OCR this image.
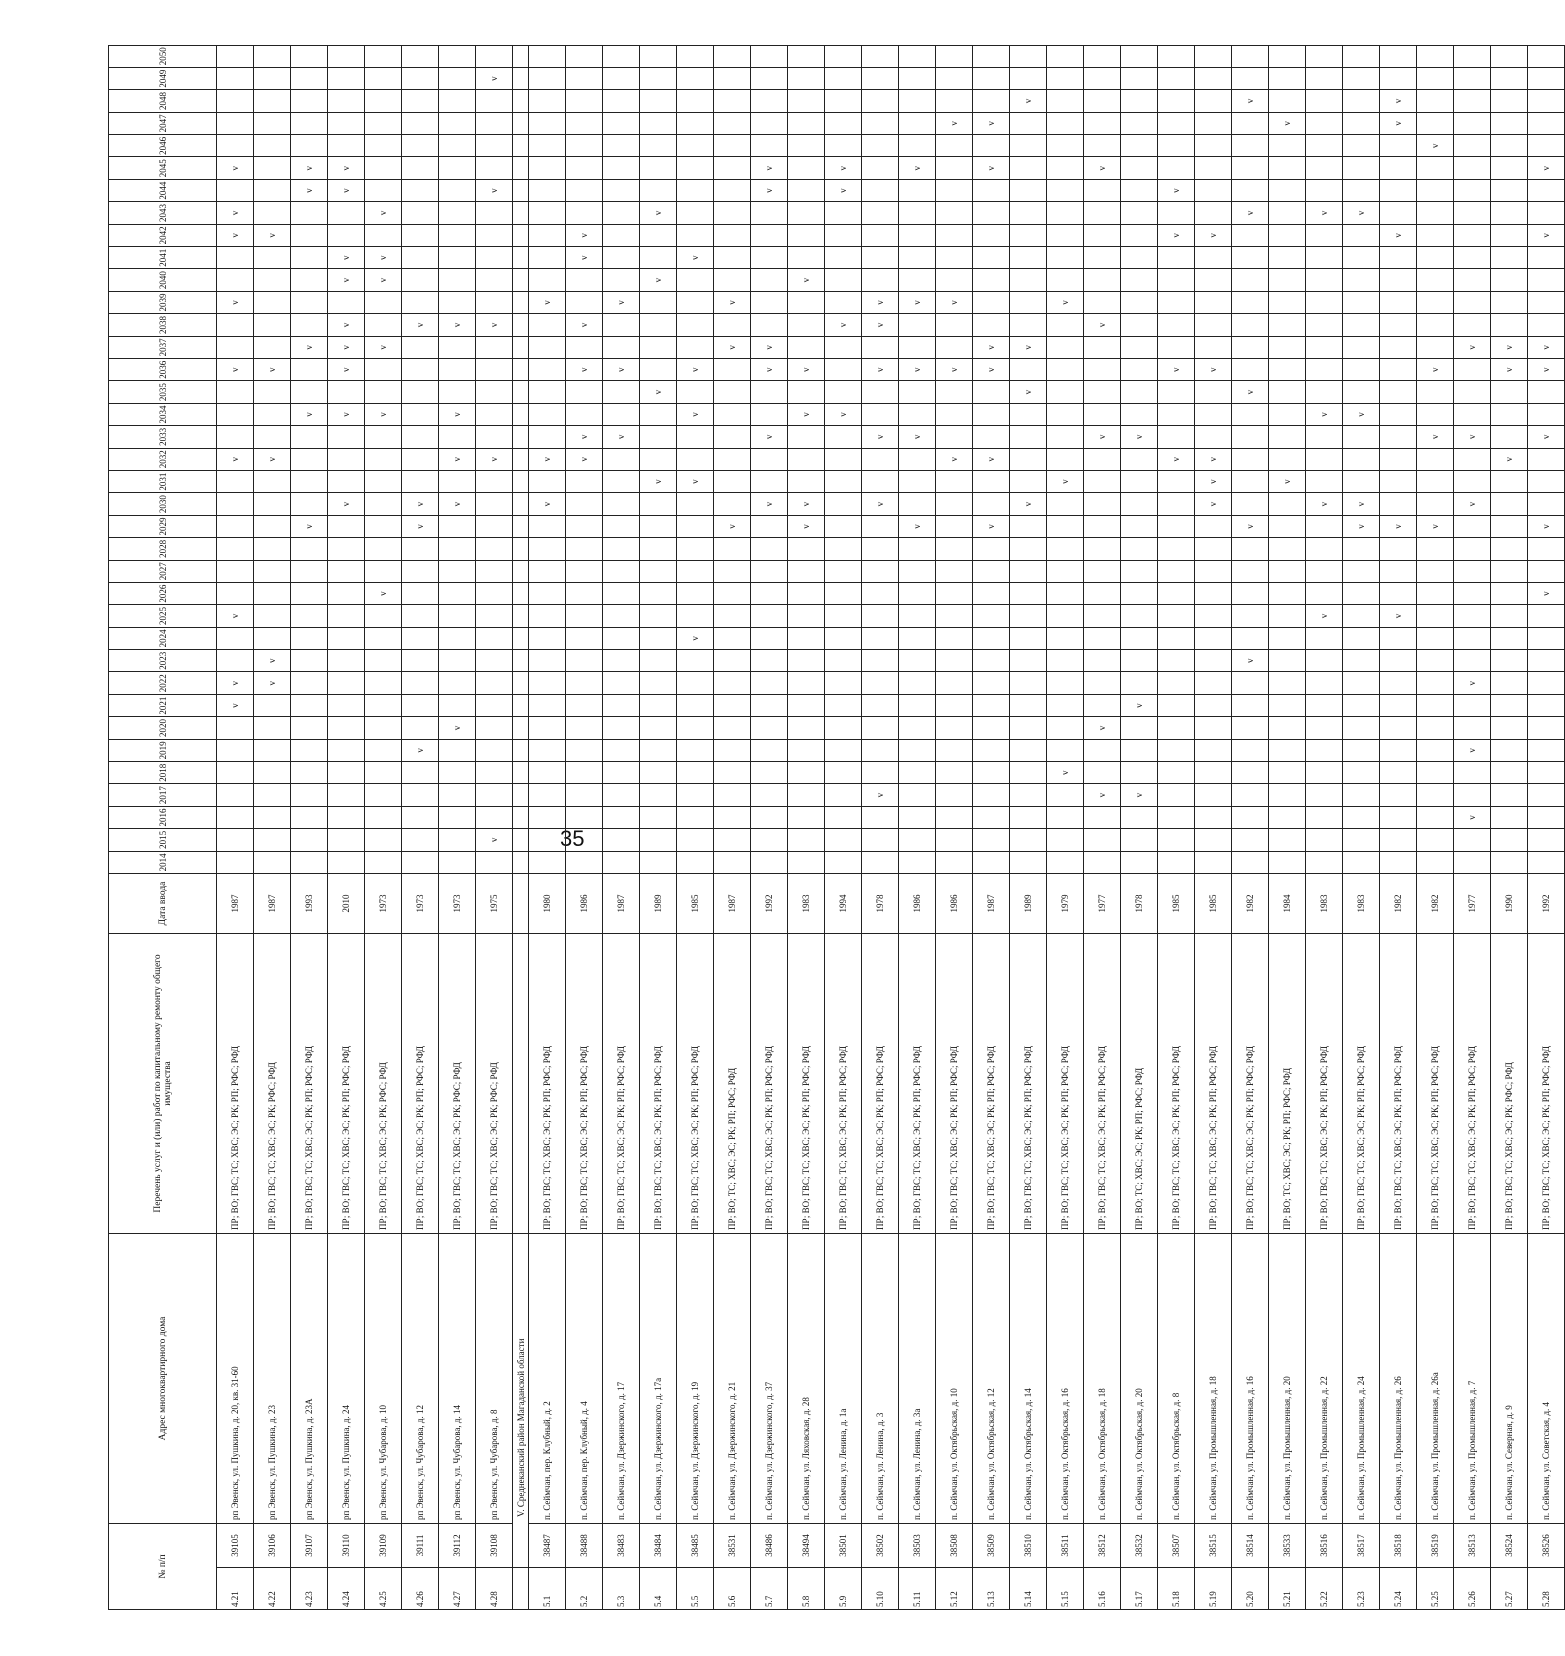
35
№ п/п		Адрес многоквартирного дома	Перечень услуг и (или) работ по капитальному ремонту общего имущества	Дата ввода	2014	2015	2016	2017	2018	2019	2020	2021	2022	2023	2024	2025	2026	2027	2028	2029	2030	2031	2032	2033	2034	2035	2036	2037	2038	2039	2040	2041	2042	2043	2044	2045	2046	2047	2048	2049	2050
4.21	39105	рп Эвенск, ул. Пушкина, д. 20, кв. 31-60	ПР; ВО; ГВС; ТС; ХВС; ЭС; РК; РП; РФС; РФД	1987								v	v			v							v				v			v			v	v		v					
4.22	39106	рп Эвенск, ул. Пушкина, д. 23	ПР; ВО; ГВС; ТС; ХВС; ЭС; РК; РФС; РФД	1987									v	v									v				v						v								
4.23	39107	рп Эвенск, ул. Пушкина, д. 23А	ПР; ВО; ГВС; ТС; ХВС; ЭС; РК; РП; РФС; РФД	1993																v					v			v							v	v					
4.24	39110	рп Эвенск, ул. Пушкина, д. 24	ПР; ВО; ГВС; ТС; ХВС; ЭС; РК; РП; РФС; РФД	2010																	v				v		v	v	v		v	v			v	v					
4.25	39109	рп Эвенск, ул. Чубарова, д. 10	ПР; ВО; ГВС; ТС; ХВС; ЭС; РК; РФС; РФД	1973													v								v			v			v	v		v							
4.26	39111	рп Эвенск, ул. Чубарова, д. 12	ПР; ВО; ГВС; ТС; ХВС; ЭС; РК; РП; РФС; РФД	1973						v										v	v								v												
4.27	39112	рп Эвенск, ул. Чубарова, д. 14	ПР; ВО; ГВС; ТС; ХВС; ЭС; РК; РФС; РФД	1973							v										v		v		v				v												
4.28	39108	рп Эвенск, ул. Чубарова, д. 8	ПР; ВО; ГВС; ТС; ХВС; ЭС; РК; РФС; РФД	1975		v																	v						v						v					v	
	V. Среднеканский район Магаданской области																																								
5.1	38487	п. Сеймчан, пер. Клубный, д. 2	ПР; ВО; ГВС; ТС; ХВС; ЭС; РК; РП; РФС; РФД	1980																	v		v							v											
5.2	38488	п. Сеймчан, пер. Клубный, д. 4	ПР; ВО; ГВС; ТС; ХВС; ЭС; РК; РП; РФС; РФД	1986																			v	v			v		v			v	v								
5.3	38483	п. Сеймчан, ул. Дзержинского, д. 17	ПР; ВО; ГВС; ТС; ХВС; ЭС; РК; РП; РФС; РФД	1987																				v			v			v											
5.4	38484	п. Сеймчан, ул. Дзержинского, д. 17а	ПР; ВО; ГВС; ТС; ХВС; ЭС; РК; РП; РФС; РФД	1989																		v				v					v			v							
5.5	38485	п. Сеймчан, ул. Дзержинского, д. 19	ПР; ВО; ГВС; ТС; ХВС; ЭС; РК; РП; РФС; РФД	1985											v							v			v		v					v									
5.6	38531	п. Сеймчан, ул. Дзержинского, д. 21	ПР; ВО; ТС; ХВС; ЭС; РК; РП; РФС; РФД	1987																v								v		v											
5.7	38486	п. Сеймчан, ул. Дзержинского, д. 37	ПР; ВО; ГВС; ТС; ХВС; ЭС; РК; РП; РФС; РФД	1992																	v			v			v	v							v	v					
5.8	38494	п. Сеймчан, ул. Ляховская, д. 28	ПР; ВО; ГВС; ТС; ХВС; ЭС; РК; РП; РФС; РФД	1983																v	v				v		v				v										
5.9	38501	п. Сеймчан, ул. Ленина, д. 1а	ПР; ВО; ГВС; ТС; ХВС; ЭС; РК; РП; РФС; РФД	1994																					v				v						v	v					
5.10	38502	п. Сеймчан, ул. Ленина, д. 3	ПР; ВО; ГВС; ТС; ХВС; ЭС; РК; РП; РФС; РФД	1978				v													v			v			v		v	v											
5.11	38503	п. Сеймчан, ул. Ленина, д. 3а	ПР; ВО; ГВС; ТС; ХВС; ЭС; РК; РП; РФС; РФД	1986																v				v			v			v						v					
5.12	38508	п. Сеймчан, ул. Октябрьская, д. 10	ПР; ВО; ГВС; ТС; ХВС; ЭС; РК; РП; РФС; РФД	1986																			v				v			v								v			
5.13	38509	п. Сеймчан, ул. Октябрьская, д. 12	ПР; ВО; ГВС; ТС; ХВС; ЭС; РК; РП; РФС; РФД	1987																v			v				v	v								v		v			
5.14	38510	п. Сеймчан, ул. Октябрьская, д. 14	ПР; ВО; ГВС; ТС; ХВС; ЭС; РК; РП; РФС; РФД	1989																	v					v		v											v		
5.15	38511	п. Сеймчан, ул. Октябрьская, д. 16	ПР; ВО; ГВС; ТС; ХВС; ЭС; РК; РП; РФС; РФД	1979					v													v								v											
5.16	38512	п. Сеймчан, ул. Октябрьская, д. 18	ПР; ВО; ГВС; ТС; ХВС; ЭС; РК; РП; РФС; РФД	1977				v			v													v					v							v					
5.17	38532	п. Сеймчан, ул. Октябрьская, д. 20	ПР; ВО; ТС; ХВС; ЭС; РК; РП; РФС; РФД	1978				v				v												v																	
5.18	38507	п. Сеймчан, ул. Октябрьская, д. 8	ПР; ВО; ГВС; ТС; ХВС; ЭС; РК; РП; РФС; РФД	1985																			v				v						v		v						
5.19	38515	п. Сеймчан, ул. Промышленная, д. 18	ПР; ВО; ГВС; ТС; ХВС; ЭС; РК; РП; РФС; РФД	1985																	v	v	v				v						v								
5.20	38514	п. Сеймчан, ул. Промышленная, д. 16	ПР; ВО; ГВС; ТС; ХВС; ЭС; РК; РП; РФС; РФД	1982										v						v						v								v					v		
5.21	38533	п. Сеймчан, ул. Промышленная, д. 20	ПР; ВО; ТС; ХВС; ЭС; РК; РП; РФС; РФД	1984																		v																v			
5.22	38516	п. Сеймчан, ул. Промышленная, д. 22	ПР; ВО; ГВС; ТС; ХВС; ЭС; РК; РП; РФС; РФД	1983												v					v				v									v							
5.23	38517	п. Сеймчан, ул. Промышленная, д. 24	ПР; ВО; ГВС; ТС; ХВС; ЭС; РК; РП; РФС; РФД	1983																v	v				v									v							
5.24	38518	п. Сеймчан, ул. Промышленная, д. 26	ПР; ВО; ГВС; ТС; ХВС; ЭС; РК; РП; РФС; РФД	1982												v				v													v					v	v		
5.25	38519	п. Сеймчан, ул. Промышленная, д. 26а	ПР; ВО; ГВС; ТС; ХВС; ЭС; РК; РП; РФС; РФД	1982																v				v			v										v				
5.26	38513	п. Сеймчан, ул. Промышленная, д. 7	ПР; ВО; ГВС; ТС; ХВС; ЭС; РК; РП; РФС; РФД	1977			v			v			v								v			v				v													
5.27	38524	п. Сеймчан, ул. Северная, д. 9	ПР; ВО; ГВС; ТС; ХВС; ЭС; РК; РФС; РФД	1990																			v				v	v													
5.28	38526	п. Сеймчан, ул. Советская, д. 4	ПР; ВО; ГВС; ТС; ХВС; ЭС; РК; РП; РФС; РФД	1992													v			v				v			v	v					v			v					
